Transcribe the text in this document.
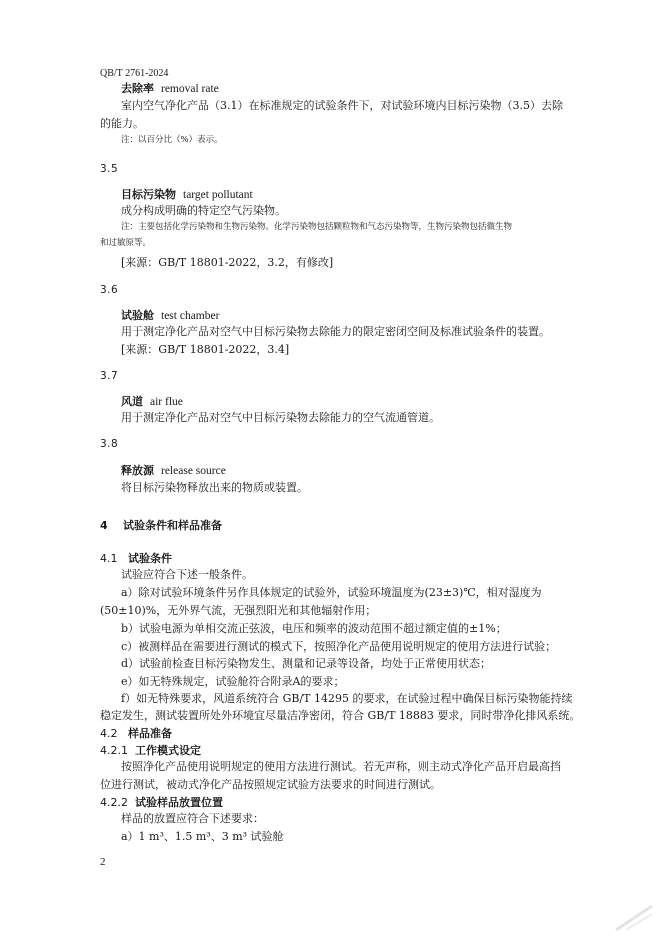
QB/T 2761-2024
去除率 removal rate
室内空气净化产品（3.1）在标准规定的试验条件下，对试验环境内目标污染物（3.5）去除
的能力。
注：以百分比（%）表示。
3.5
目标污染物 target pollutant
成分构成明确的特定空气污染物。
注：主要包括化学污染物和生物污染物。化学污染物包括颗粒物和气态污染物等，生物污染物包括微生物
和过敏原等。
[来源：GB/T 18801-2022，3.2，有修改]
3.6
试验舱 test chamber
用于测定净化产品对空气中目标污染物去除能力的限定密闭空间及标准试验条件的装置。
[来源：GB/T 18801-2022，3.4]
3.7
风道 air flue
用于测定净化产品对空气中目标污染物去除能力的空气流通管道。
3.8
释放源 release source
将目标污染物释放出来的物质或装置。
4 试验条件和样品准备
4.1 试验条件
试验应符合下述一般条件。
a）除对试验环境条件另作具体规定的试验外，试验环境温度为(23±3)℃，相对湿度为
(50±10)%，无外界气流，无强烈阳光和其他辐射作用；
b）试验电源为单相交流正弦波，电压和频率的波动范围不超过额定值的±1%；
c）被测样品在需要进行测试的模式下，按照净化产品使用说明规定的使用方法进行试验；
d）试验前检查目标污染物发生、测量和记录等设备，均处于正常使用状态；
e）如无特殊规定，试验舱符合附录A的要求；
f）如无特殊要求，风道系统符合 GB/T 14295 的要求，在试验过程中确保目标污染物能持续
稳定发生，测试装置所处外环境宜尽量洁净密闭，符合 GB/T 18883 要求，同时带净化排风系统。
4.2 样品准备
4.2.1 工作模式设定
按照净化产品使用说明规定的使用方法进行测试。若无声称，则主动式净化产品开启最高挡
位进行测试，被动式净化产品按照规定试验方法要求的时间进行测试。
4.2.2 试验样品放置位置
样品的放置应符合下述要求：
a）1 m³、1.5 m³、3 m³ 试验舱
2
